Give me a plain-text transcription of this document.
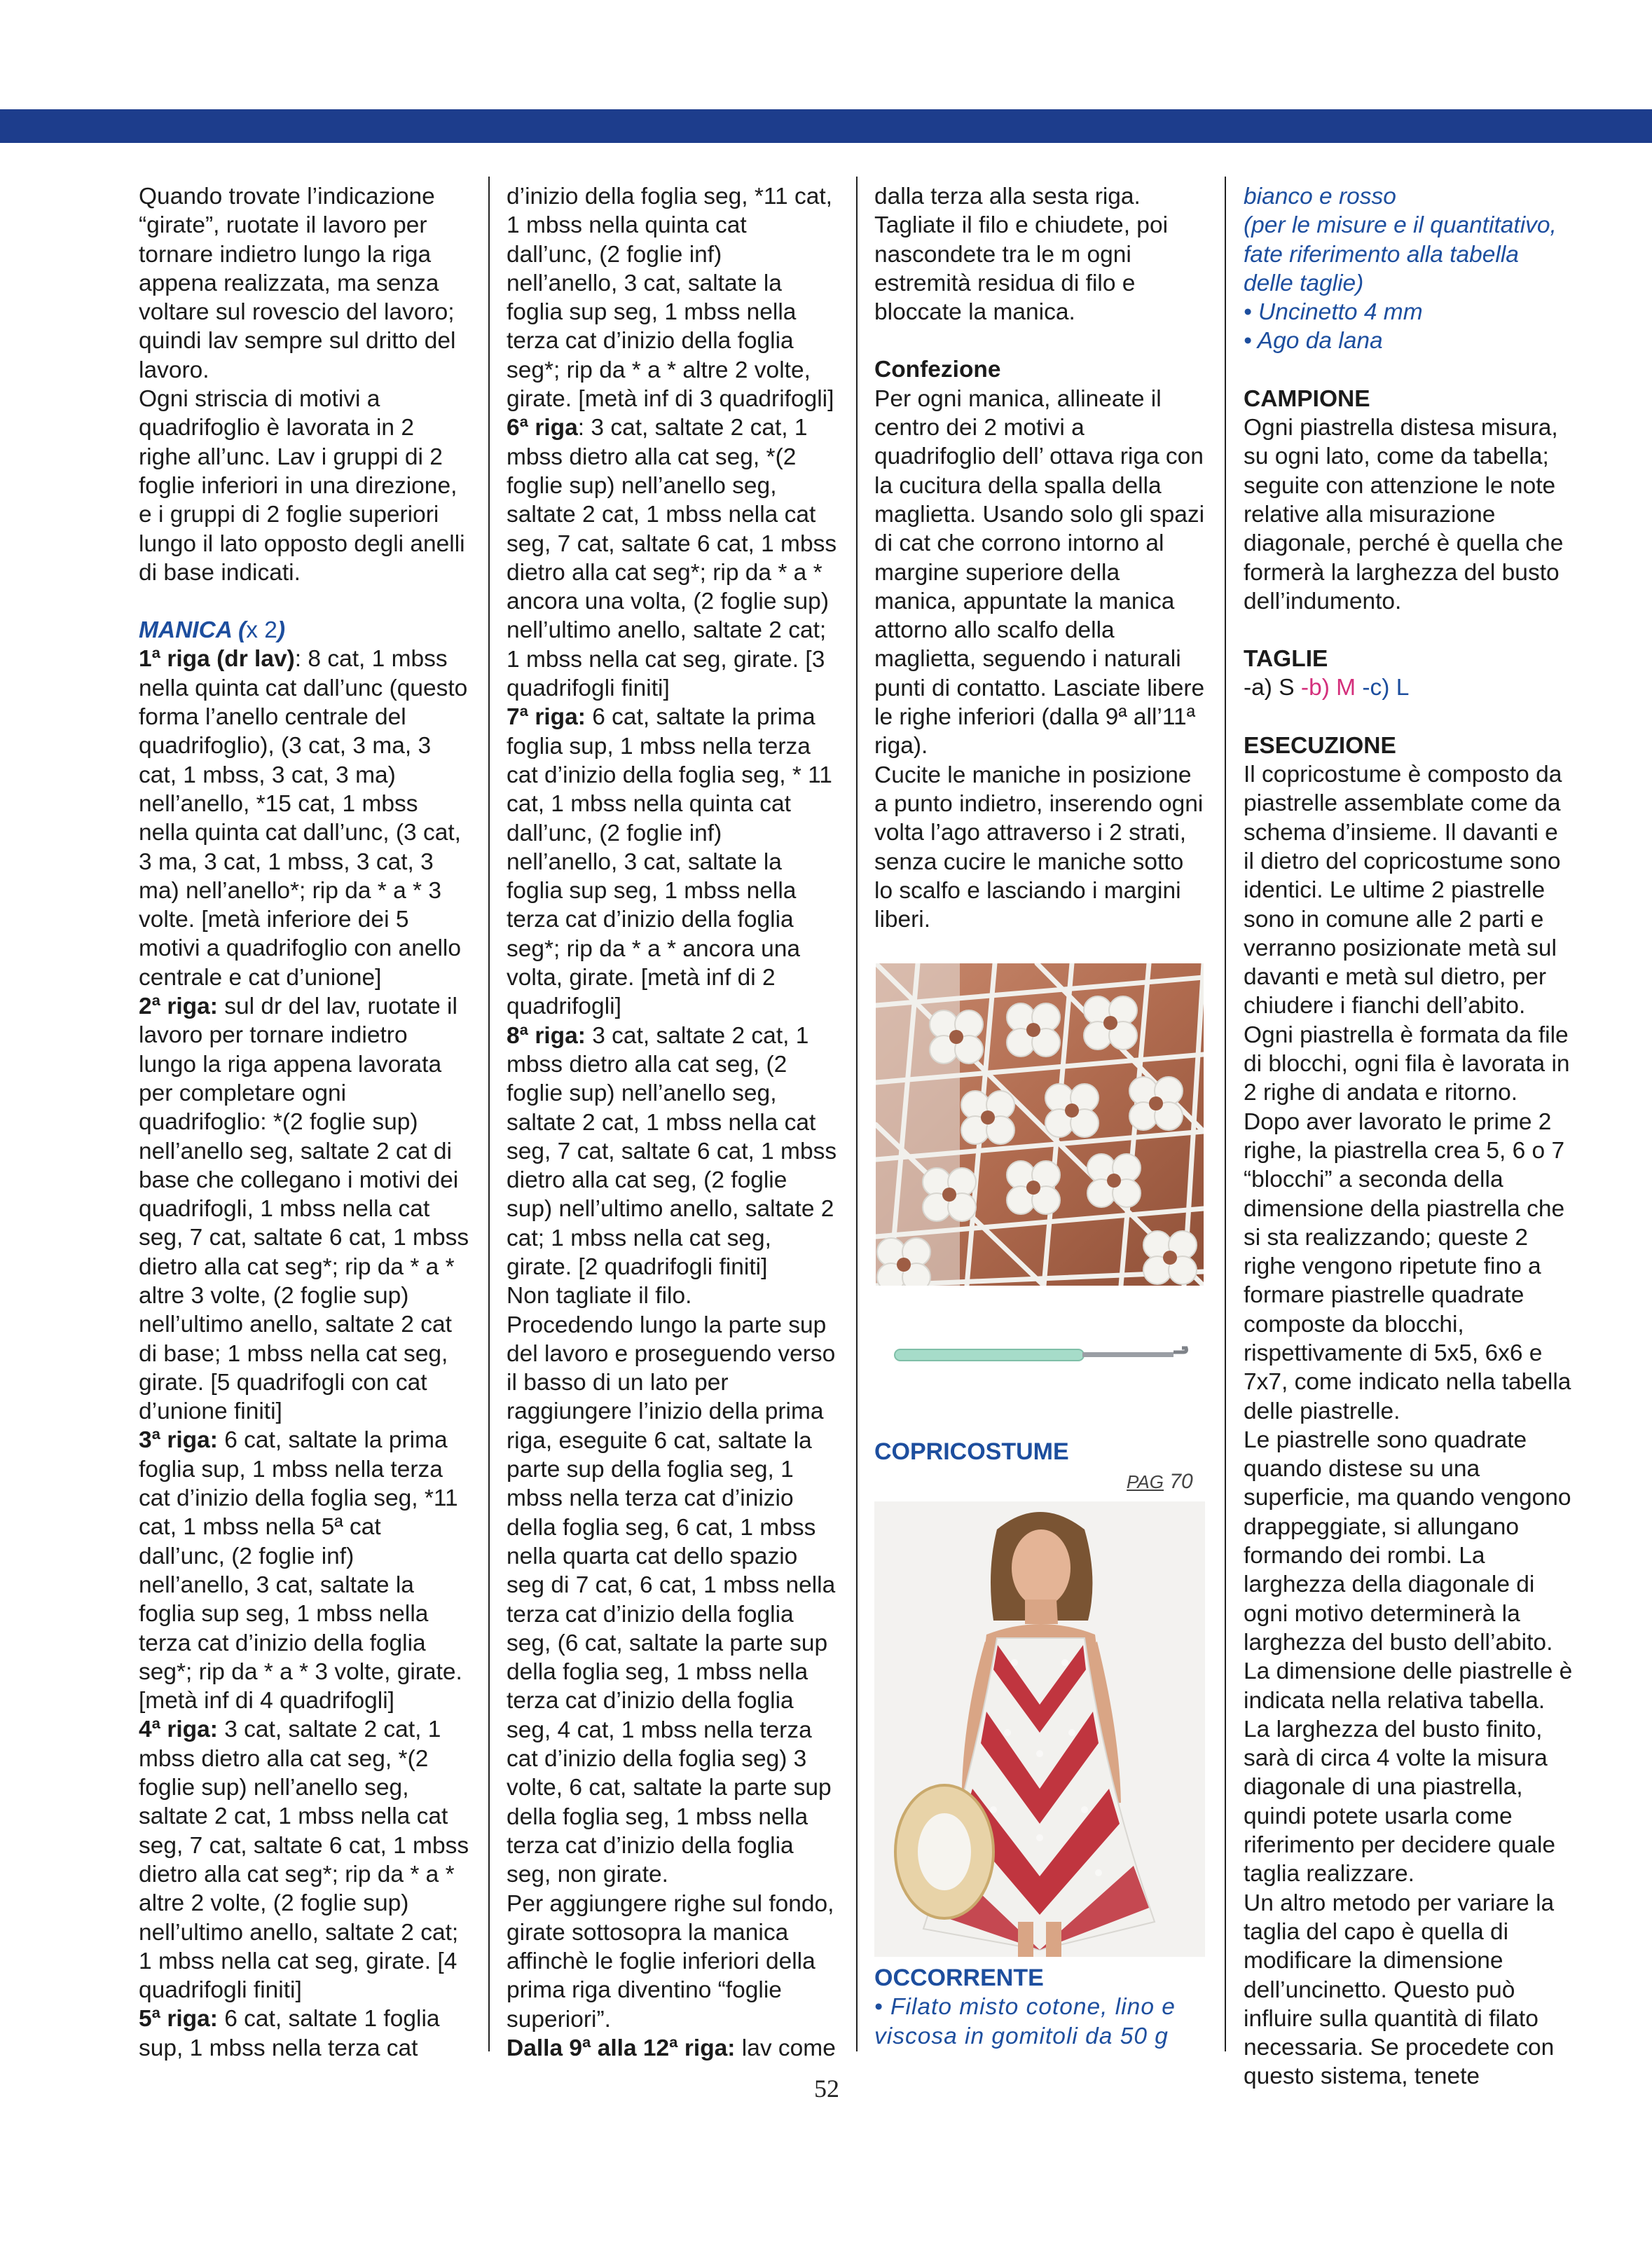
Quando trovate l’indicazione “girate”, ruotate il lavoro per tornare indietro lungo la riga appena realizzata, ma senza voltare sul rovescio del lavoro; quindi lav sempre sul dritto del lavoro.

Ogni striscia di motivi a quadrifoglio è lavorata in 2 righe all’unc. Lav i gruppi di 2 foglie inferiori in una direzione, e i gruppi di 2 foglie superiori lungo il lato opposto degli anelli di base indicati.

MANICA (x 2)

1ª riga (dr lav): 8 cat, 1 mbss nella quinta cat dall’unc (questo forma l’anello centrale del quadrifoglio), (3 cat, 3 ma, 3 cat, 1 mbss, 3 cat, 3 ma) nell’anello, *15 cat, 1 mbss nella quinta cat dall’unc, (3 cat, 3 ma, 3 cat, 1 mbss, 3 cat, 3 ma) nell’anello*; rip da * a * 3 volte. [metà inferiore dei 5 motivi a quadrifoglio con anello centrale e cat d’unione]

2ª riga: sul dr del lav, ruotate il lavoro per tornare indietro lungo la riga appena lavorata per completare ogni quadrifoglio: *(2 foglie sup) nell’anello seg, saltate 2 cat di base che collegano i motivi dei quadrifogli, 1 mbss nella cat seg, 7 cat, saltate 6 cat, 1 mbss dietro alla cat seg*; rip da * a * altre 3 volte, (2 foglie sup) nell’ultimo anello, saltate 2 cat di base; 1 mbss nella cat seg, girate. [5 quadrifogli con cat d’unione finiti]

3ª riga: 6 cat, saltate la prima foglia sup, 1 mbss nella terza cat d’inizio della foglia seg, *11 cat, 1 mbss nella 5ª cat dall’unc, (2 foglie inf) nell’anello, 3 cat, saltate la foglia sup seg, 1 mbss nella terza cat d’inizio della foglia seg*; rip da * a * 3 volte, girate. [metà inf di 4 quadrifogli]

4ª riga: 3 cat, saltate 2 cat, 1 mbss dietro alla cat seg, *(2 foglie sup) nell’anello seg, saltate 2 cat, 1 mbss nella cat seg, 7 cat, saltate 6 cat, 1 mbss dietro alla cat seg*; rip da * a * altre 2 volte, (2 foglie sup) nell’ultimo anello, saltate 2 cat; 1 mbss nella cat seg, girate. [4 quadrifogli finiti]

5ª riga: 6 cat, saltate 1 foglia sup, 1 mbss nella terza cat

d’inizio della foglia seg, *11 cat, 1 mbss nella quinta cat dall’unc, (2 foglie inf) nell’anello, 3 cat, saltate la foglia sup seg, 1 mbss nella terza cat d’inizio della foglia seg*; rip da * a * altre 2 volte, girate. [metà inf di 3 quadrifogli]

6ª riga: 3 cat, saltate 2 cat, 1 mbss dietro alla cat seg, *(2 foglie sup) nell’anello seg, saltate 2 cat, 1 mbss nella cat seg, 7 cat, saltate 6 cat, 1 mbss dietro alla cat seg*; rip da * a * ancora una volta, (2 foglie sup) nell’ultimo anello, saltate 2 cat; 1 mbss nella cat seg, girate. [3 quadrifogli finiti]

7ª riga: 6 cat, saltate la prima foglia sup, 1 mbss nella terza cat d’inizio della foglia seg, * 11 cat, 1 mbss nella quinta cat dall’unc, (2 foglie inf) nell’anello, 3 cat, saltate la foglia sup seg, 1 mbss nella terza cat d’inizio della foglia seg*; rip da * a * ancora una volta, girate. [metà inf di 2 quadrifogli]

8ª riga: 3 cat, saltate 2 cat, 1 mbss dietro alla cat seg, (2 foglie sup) nell’anello seg, saltate 2 cat, 1 mbss nella cat seg, 7 cat, saltate 6 cat, 1 mbss dietro alla cat seg, (2 foglie sup) nell’ultimo anello, saltate 2 cat; 1 mbss nella cat seg, girate. [2 quadrifogli finiti]

Non tagliate il filo.

Procedendo lungo la parte sup del lavoro e proseguendo verso il basso di un lato per raggiungere l’inizio della prima riga, eseguite 6 cat, saltate la parte sup della foglia seg, 1 mbss nella terza cat d’inizio della foglia seg, 6 cat, 1 mbss nella quarta cat dello spazio seg di 7 cat, 6 cat, 1 mbss nella terza cat d’inizio della foglia seg, (6 cat, saltate la parte sup della foglia seg, 1 mbss nella terza cat d’inizio della foglia seg, 4 cat, 1 mbss nella terza cat d’inizio della foglia seg) 3 volte, 6 cat, saltate la parte sup della foglia seg, 1 mbss nella terza cat d’inizio della foglia seg, non girate.

Per aggiungere righe sul fondo, girate sottosopra la manica affinchè le foglie inferiori della prima riga diventino “foglie superiori”.

Dalla 9ª alla 12ª riga: lav come

dalla terza alla sesta riga. Tagliate il filo e chiudete, poi nascondete tra le m ogni estremità residua di filo e bloccate la manica.

Confezione

Per ogni manica, allineate il centro dei 2 motivi a quadrifoglio dell’ ottava riga con la cucitura della spalla della maglietta. Usando solo gli spazi di cat che corrono intorno al margine superiore della manica, appuntate la manica attorno allo scalfo della maglietta, seguendo i naturali punti di contatto. Lasciate libere le righe inferiori (dalla 9ª all’11ª riga).

Cucite le maniche in posizione a punto indietro, inserendo ogni volta l’ago attraverso i 2 strati, senza cucire le maniche sotto lo scalfo e lasciando i margini liberi.

COPRICOSTUME

PAG 70

OCCORRENTE

• Filato misto cotone, lino e viscosa in gomitoli da 50 g

bianco e rosso

(per le misure e il quantitativo, fate riferimento alla tabella delle taglie)

• Uncinetto 4 mm

• Ago da lana

CAMPIONE

Ogni piastrella distesa misura, su ogni lato, come da tabella; seguite con attenzione le note relative alla misurazione diagonale, perché è quella che formerà la larghezza del busto dell’indumento.

TAGLIE

-a) S -b) M -c) L

ESECUZIONE

Il copricostume è composto da piastrelle assemblate come da schema d’insieme. Il davanti e il dietro del copricostume sono identici. Le ultime 2 piastrelle sono in comune alle 2 parti e verranno posizionate metà sul davanti e metà sul dietro, per chiudere i fianchi dell’abito.

Ogni piastrella è formata da file di blocchi, ogni fila è lavorata in 2 righe di andata e ritorno. Dopo aver lavorato le prime 2 righe, la piastrella crea 5, 6 o 7 “blocchi” a seconda della dimensione della piastrella che si sta realizzando; queste 2 righe vengono ripetute fino a formare piastrelle quadrate composte da blocchi, rispettivamente di 5x5, 6x6 e 7x7, come indicato nella tabella delle piastrelle.

Le piastrelle sono quadrate quando distese su una superficie, ma quando vengono drappeggiate, si allungano formando dei rombi. La larghezza della diagonale di ogni motivo determinerà la larghezza del busto dell’abito. La dimensione delle piastrelle è indicata nella relativa tabella. La larghezza del busto finito, sarà di circa 4 volte la misura diagonale di una piastrella, quindi potete usarla come riferimento per decidere quale taglia realizzare.

Un altro metodo per variare la taglia del capo è quella di modificare la dimensione dell’uncinetto. Questo può influire sulla quantità di filato necessaria. Se procedete con questo sistema, tenete

52
